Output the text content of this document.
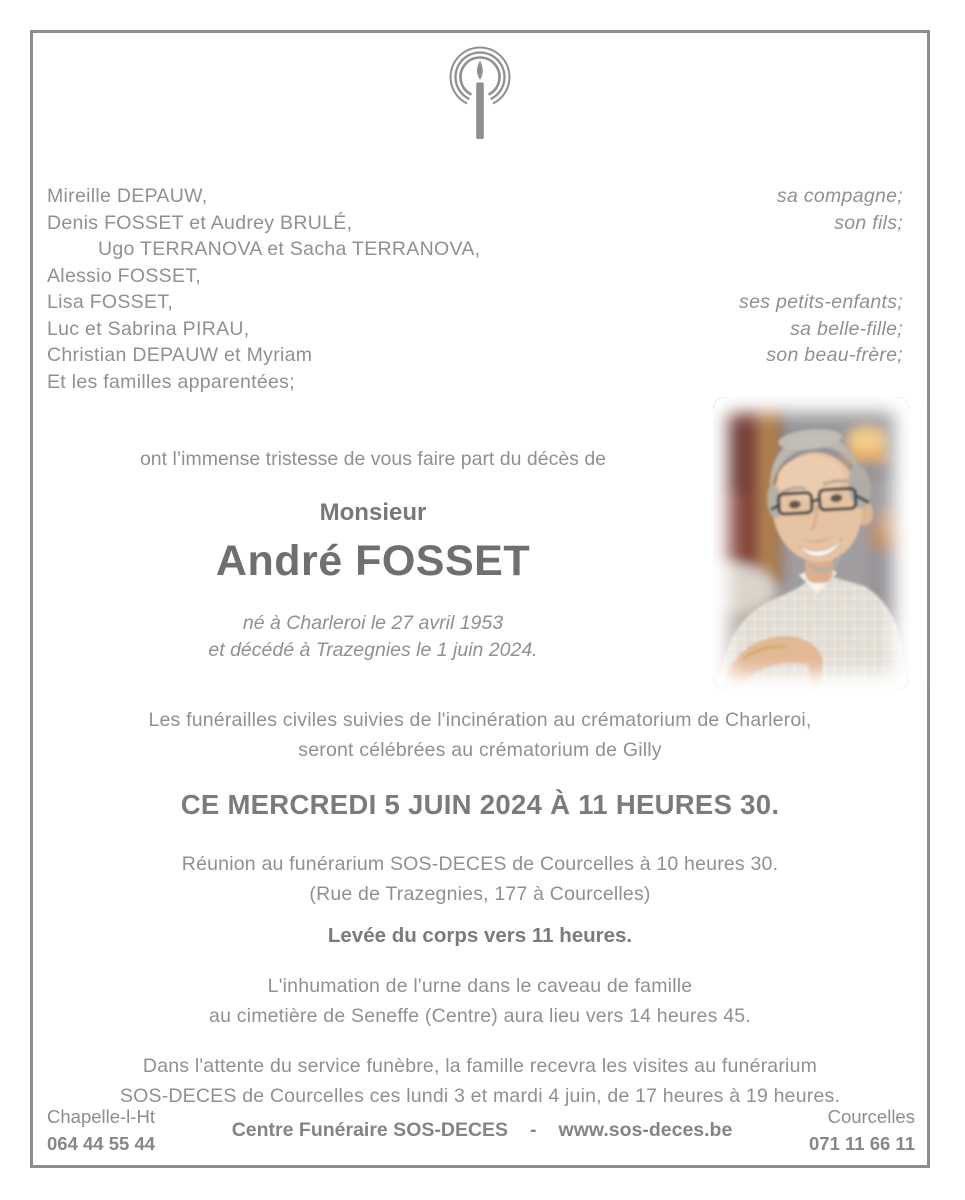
Mireille DEPAUW,	sa compagne;
Denis FOSSET et Audrey BRULÉ,	son fils;
Ugo TERRANOVA et Sacha TERRANOVA,
Alessio FOSSET,
Lisa FOSSET,	ses petits-enfants;
Luc et Sabrina PIRAU,	sa belle-fille;
Christian DEPAUW et Myriam	son beau-frère;
Et les familles apparentées;
ont l’immense tristesse de vous faire part du décès de
Monsieur
André FOSSET
né à Charleroi le 27 avril 1953
et décédé à Trazegnies le 1 juin 2024.
Les funérailles civiles suivies de l'incinération au crématorium de Charleroi,
seront célébrées au crématorium de Gilly
CE MERCREDI 5 JUIN 2024 À 11 HEURES 30.
Réunion au funérarium SOS-DECES de Courcelles à 10 heures 30.
(Rue de Trazegnies, 177 à Courcelles)
Levée du corps vers 11 heures.
L'inhumation de l'urne dans le caveau de famille
au cimetière de Seneffe (Centre) aura lieu vers 14 heures 45.
Dans l'attente du service funèbre, la famille recevra les visites au funérarium
SOS-DECES de Courcelles ces lundi 3 et mardi 4 juin, de 17 heures à 19 heures.
Chapelle-l-Ht
064 44 55 44
Centre Funéraire SOS-DECES - www.sos-deces.be
Courcelles
071 11 66 11
